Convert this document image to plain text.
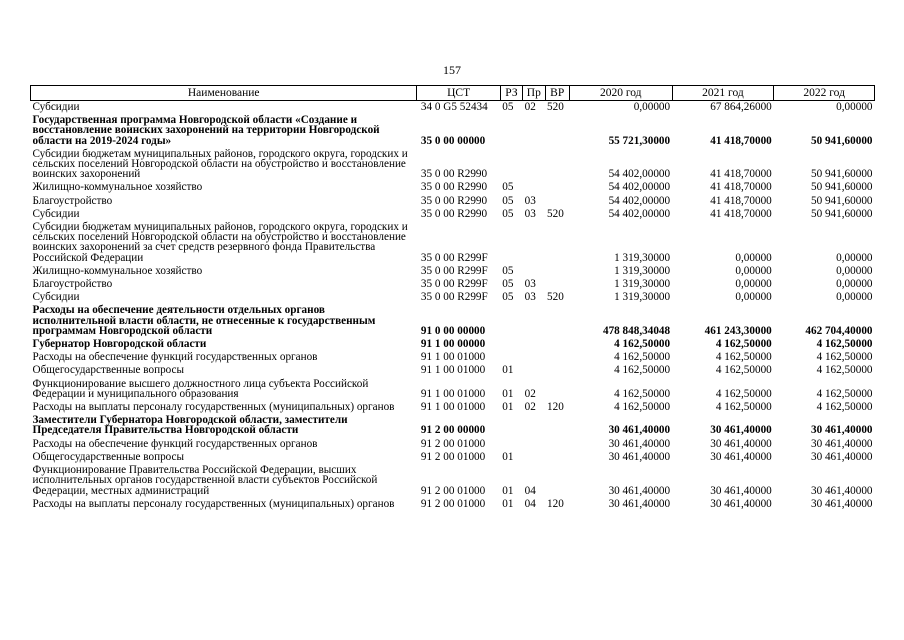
157
Наименование	ЦСТ	РЗ	Пр	ВР	2020 год	2021 год	2022 год
Субсидии	34 0 G5 52434	05	02	520	0,00000	67 864,26000	0,00000
Государственная программа Новгородской области «Создание и восстановление воинских захоронений на территории Новгородской области на 2019-2024 годы»	35 0 00 00000				55 721,30000	41 418,70000	50 941,60000
Субсидии бюджетам муниципальных районов, городского округа, городских и сельских поселений Новгородской области на обустройство и восстановление воинских захоронений	35 0 00 R2990				54 402,00000	41 418,70000	50 941,60000
Жилищно-коммунальное хозяйство	35 0 00 R2990	05			54 402,00000	41 418,70000	50 941,60000
Благоустройство	35 0 00 R2990	05	03		54 402,00000	41 418,70000	50 941,60000
Субсидии	35 0 00 R2990	05	03	520	54 402,00000	41 418,70000	50 941,60000
Субсидии бюджетам муниципальных районов, городского округа, городских и сельских поселений Новгородской области на обустройство и восстановление воинских захоронений за счет средств резервного фонда Правительства Российской Федерации	35 0 00 R299F				1 319,30000	0,00000	0,00000
Жилищно-коммунальное хозяйство	35 0 00 R299F	05			1 319,30000	0,00000	0,00000
Благоустройство	35 0 00 R299F	05	03		1 319,30000	0,00000	0,00000
Субсидии	35 0 00 R299F	05	03	520	1 319,30000	0,00000	0,00000
Расходы на обеспечение деятельности отдельных органов исполнительной власти области, не отнесенные к государственным программам Новгородской области	91 0 00 00000				478 848,34048	461 243,30000	462 704,40000
Губернатор Новгородской области	91 1 00 00000				4 162,50000	4 162,50000	4 162,50000
Расходы на обеспечение функций государственных органов	91 1 00 01000				4 162,50000	4 162,50000	4 162,50000
Общегосударственные вопросы	91 1 00 01000	01			4 162,50000	4 162,50000	4 162,50000
Функционирование высшего должностного лица субъекта Российской Федерации и муниципального образования	91 1 00 01000	01	02		4 162,50000	4 162,50000	4 162,50000
Расходы на выплаты персоналу государственных (муниципальных) органов	91 1 00 01000	01	02	120	4 162,50000	4 162,50000	4 162,50000
Заместители Губернатора Новгородской области, заместители Председателя Правительства Новгородской области	91 2 00 00000				30 461,40000	30 461,40000	30 461,40000
Расходы на обеспечение функций государственных органов	91 2 00 01000				30 461,40000	30 461,40000	30 461,40000
Общегосударственные вопросы	91 2 00 01000	01			30 461,40000	30 461,40000	30 461,40000
Функционирование Правительства Российской Федерации, высших исполнительных органов государственной власти субъектов Российской Федерации, местных администраций	91 2 00 01000	01	04		30 461,40000	30 461,40000	30 461,40000
Расходы на выплаты персоналу государственных (муниципальных) органов	91 2 00 01000	01	04	120	30 461,40000	30 461,40000	30 461,40000
